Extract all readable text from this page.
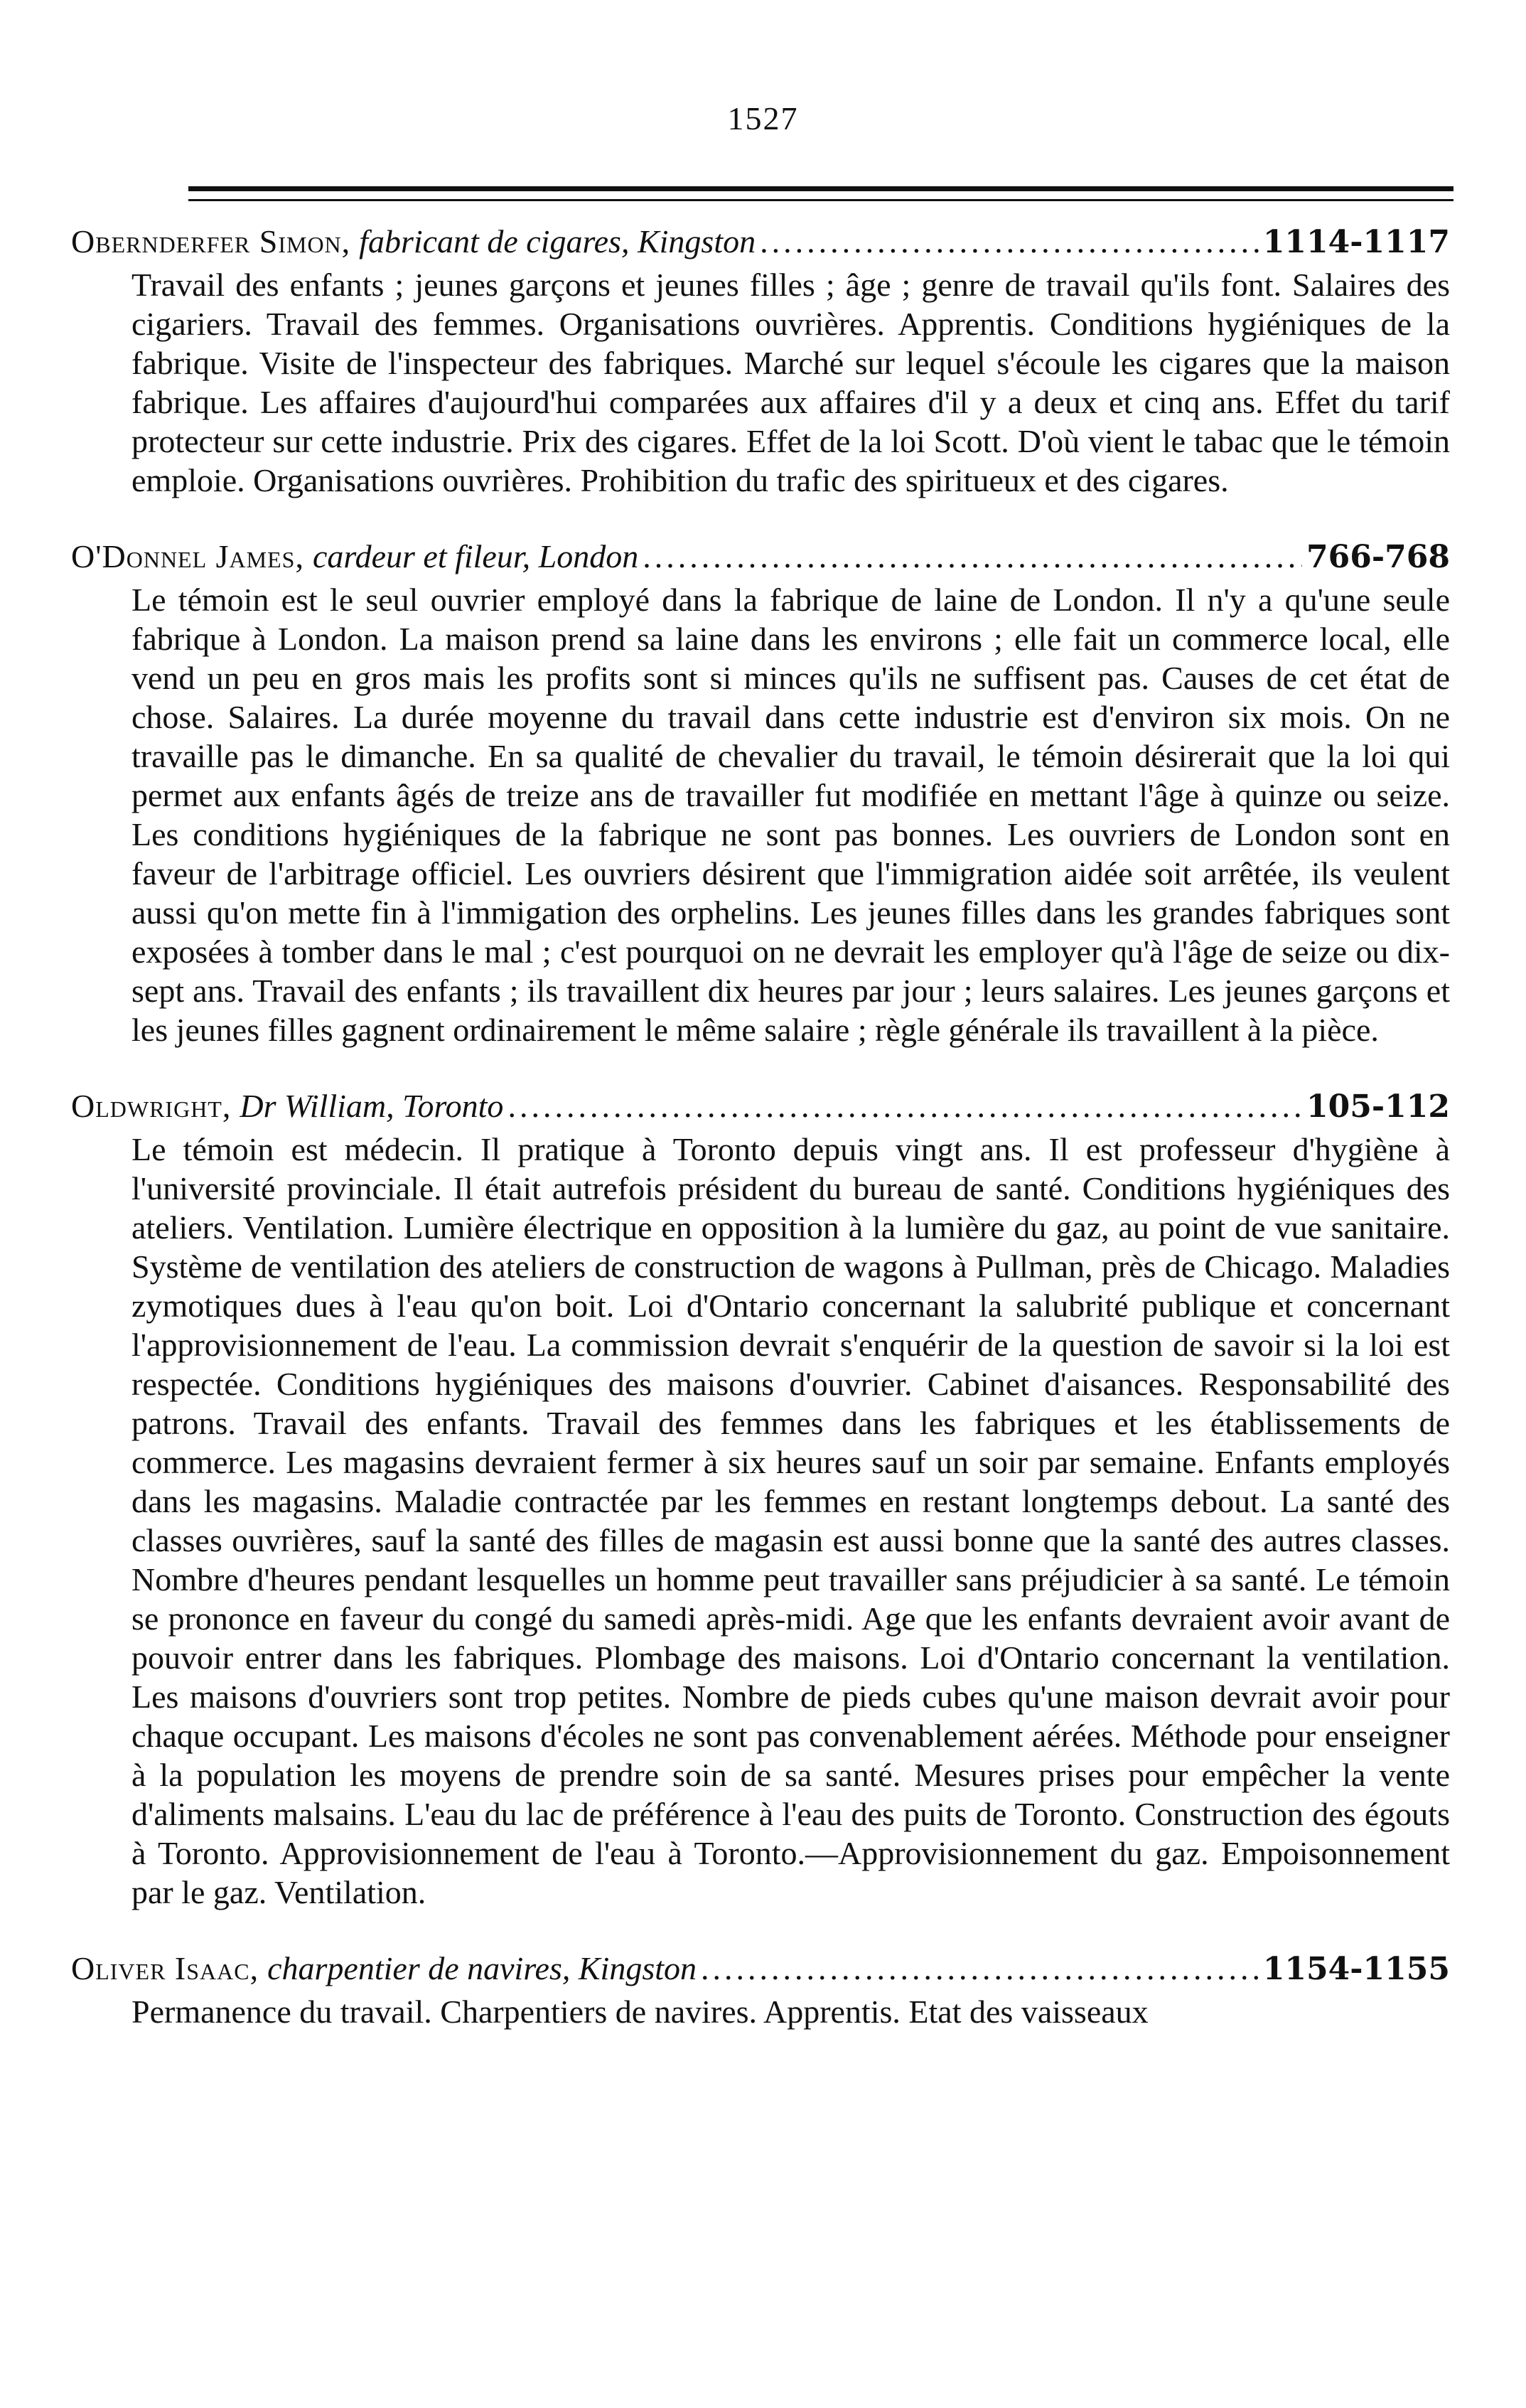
1527
Obernderfer Simon, fabricant de cigares, Kingston .....	1114-1117
Travail des enfants ; jeunes garçons et jeunes filles ; âge ; genre de travail qu'ils font. Salaires des cigariers. Travail des femmes. Organisations ouvrières. Apprentis. Conditions hygiéniques de la fabrique. Visite de l'inspecteur des fabriques. Marché sur lequel s'écoule les cigares que la maison fabrique. Les affaires d'aujourd'hui comparées aux affaires d'il y a deux et cinq ans. Effet du tarif protecteur sur cette industrie. Prix des cigares. Effet de la loi Scott. D'où vient le tabac que le témoin emploie. Organisations ouvrières. Prohibition du trafic des spiritueux et des cigares.
O'Donnel James, cardeur et fileur, London .....	766-768
Le témoin est le seul ouvrier employé dans la fabrique de laine de London. Il n'y a qu'une seule fabrique à London. La maison prend sa laine dans les environs ; elle fait un commerce local, elle vend un peu en gros mais les profits sont si minces qu'ils ne suffisent pas. Causes de cet état de chose. Salaires. La durée moyenne du travail dans cette industrie est d'environ six mois. On ne travaille pas le dimanche. En sa qualité de chevalier du travail, le témoin désirerait que la loi qui permet aux enfants âgés de treize ans de travailler fut modifiée en mettant l'âge à quinze ou seize. Les conditions hygiéniques de la fabrique ne sont pas bonnes. Les ouvriers de London sont en faveur de l'arbitrage officiel. Les ouvriers désirent que l'immigration aidée soit arrêtée, ils veulent aussi qu'on mette fin à l'immigation des orphelins. Les jeunes filles dans les grandes fabriques sont exposées à tomber dans le mal ; c'est pourquoi on ne devrait les employer qu'à l'âge de seize ou dix-sept ans. Travail des enfants ; ils travaillent dix heures par jour ; leurs salaires. Les jeunes garçons et les jeunes filles gagnent ordinairement le même salaire ; règle générale ils travaillent à la pièce.
Oldwright, Dr William, Toronto .....	105-112
Le témoin est médecin. Il pratique à Toronto depuis vingt ans. Il est professeur d'hygiène à l'université provinciale. Il était autrefois président du bureau de santé. Conditions hygiéniques des ateliers. Ventilation. Lumière électrique en opposition à la lumière du gaz, au point de vue sanitaire. Système de ventilation des ateliers de construction de wagons à Pullman, près de Chicago. Maladies zymotiques dues à l'eau qu'on boit. Loi d'Ontario concernant la salubrité publique et concernant l'approvisionnement de l'eau. La commission devrait s'enquérir de la question de savoir si la loi est respectée. Conditions hygiéniques des maisons d'ouvrier. Cabinet d'aisances. Responsabilité des patrons. Travail des enfants. Travail des femmes dans les fabriques et les établissements de commerce. Les magasins devraient fermer à six heures sauf un soir par semaine. Enfants employés dans les magasins. Maladie contractée par les femmes en restant longtemps debout. La santé des classes ouvrières, sauf la santé des filles de magasin est aussi bonne que la santé des autres classes. Nombre d'heures pendant lesquelles un homme peut travailler sans préjudicier à sa santé. Le témoin se prononce en faveur du congé du samedi après-midi. Age que les enfants devraient avoir avant de pouvoir entrer dans les fabriques. Plombage des maisons. Loi d'Ontario concernant la ventilation. Les maisons d'ouvriers sont trop petites. Nombre de pieds cubes qu'une maison devrait avoir pour chaque occupant. Les maisons d'écoles ne sont pas convenablement aérées. Méthode pour enseigner à la population les moyens de prendre soin de sa santé. Mesures prises pour empêcher la vente d'aliments malsains. L'eau du lac de préférence à l'eau des puits de Toronto. Construction des égouts à Toronto. Approvisionnement de l'eau à Toronto.—Approvisionnement du gaz. Empoisonnement par le gaz. Ventilation.
Oliver Isaac, charpentier de navires, Kingston .....	1154-1155
Permanence du travail. Charpentiers de navires. Apprentis. Etat des vaisseaux
